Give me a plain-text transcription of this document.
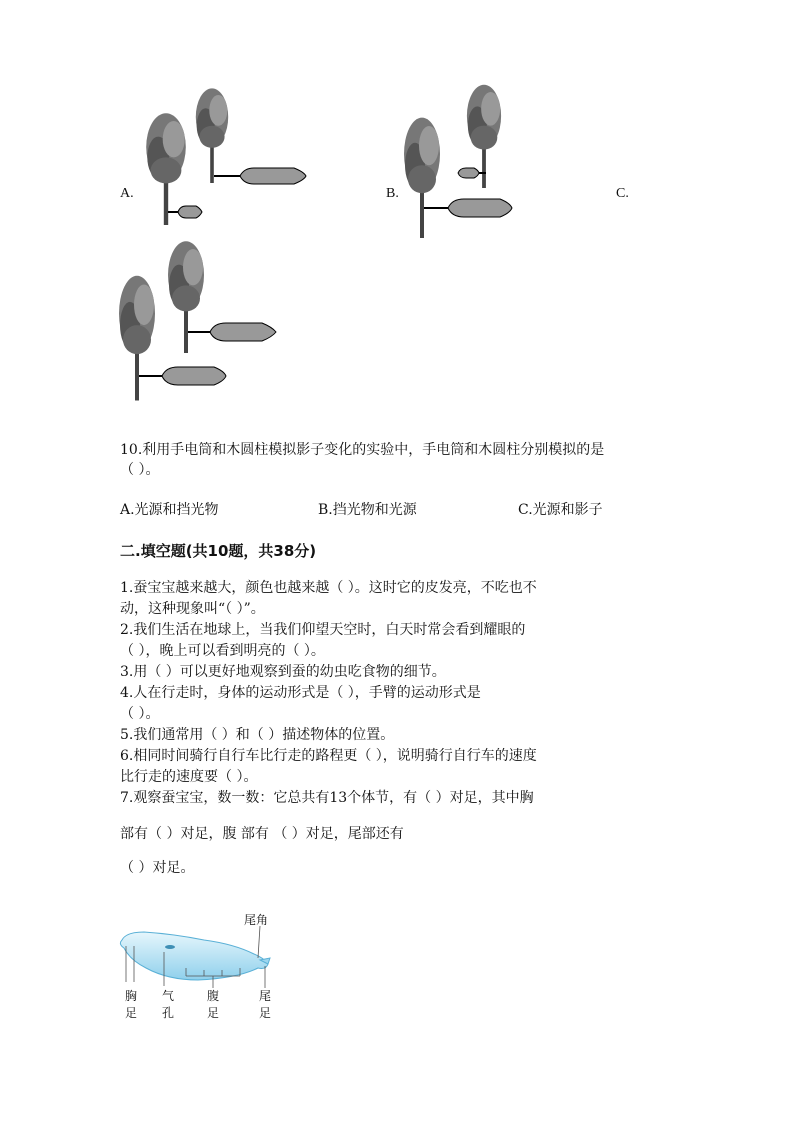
A.	B.	C.
10.利用手电筒和木圆柱模拟影子变化的实验中，手电筒和木圆柱分别模拟的是
（ ）。
A.光源和挡光物	B.挡光物和光源	C.光源和影子
二.填空题(共10题，共38分)
1.蚕宝宝越来越大，颜色也越来越（ ）。这时它的皮发亮，不吃也不
动，这种现象叫“（ ）”。
2.我们生活在地球上，当我们仰望天空时，白天时常会看到耀眼的
（ ），晚上可以看到明亮的（ ）。
3.用（ ）可以更好地观察到蚕的幼虫吃食物的细节。
4.人在行走时，身体的运动形式是（ ），手臂的运动形式是
（ ）。
5.我们通常用（ ）和（ ）描述物体的位置。
6.相同时间骑行自行车比行走的路程更（ ），说明骑行自行车的速度
比行走的速度要（ ）。
7.观察蚕宝宝，数一数：它总共有13个体节，有（ ）对足，其中胸
部有（ ）对足，腹 部有 （ ）对足，尾部还有
（ ）对足。
尾角
胸足
气孔
腹足
尾足
